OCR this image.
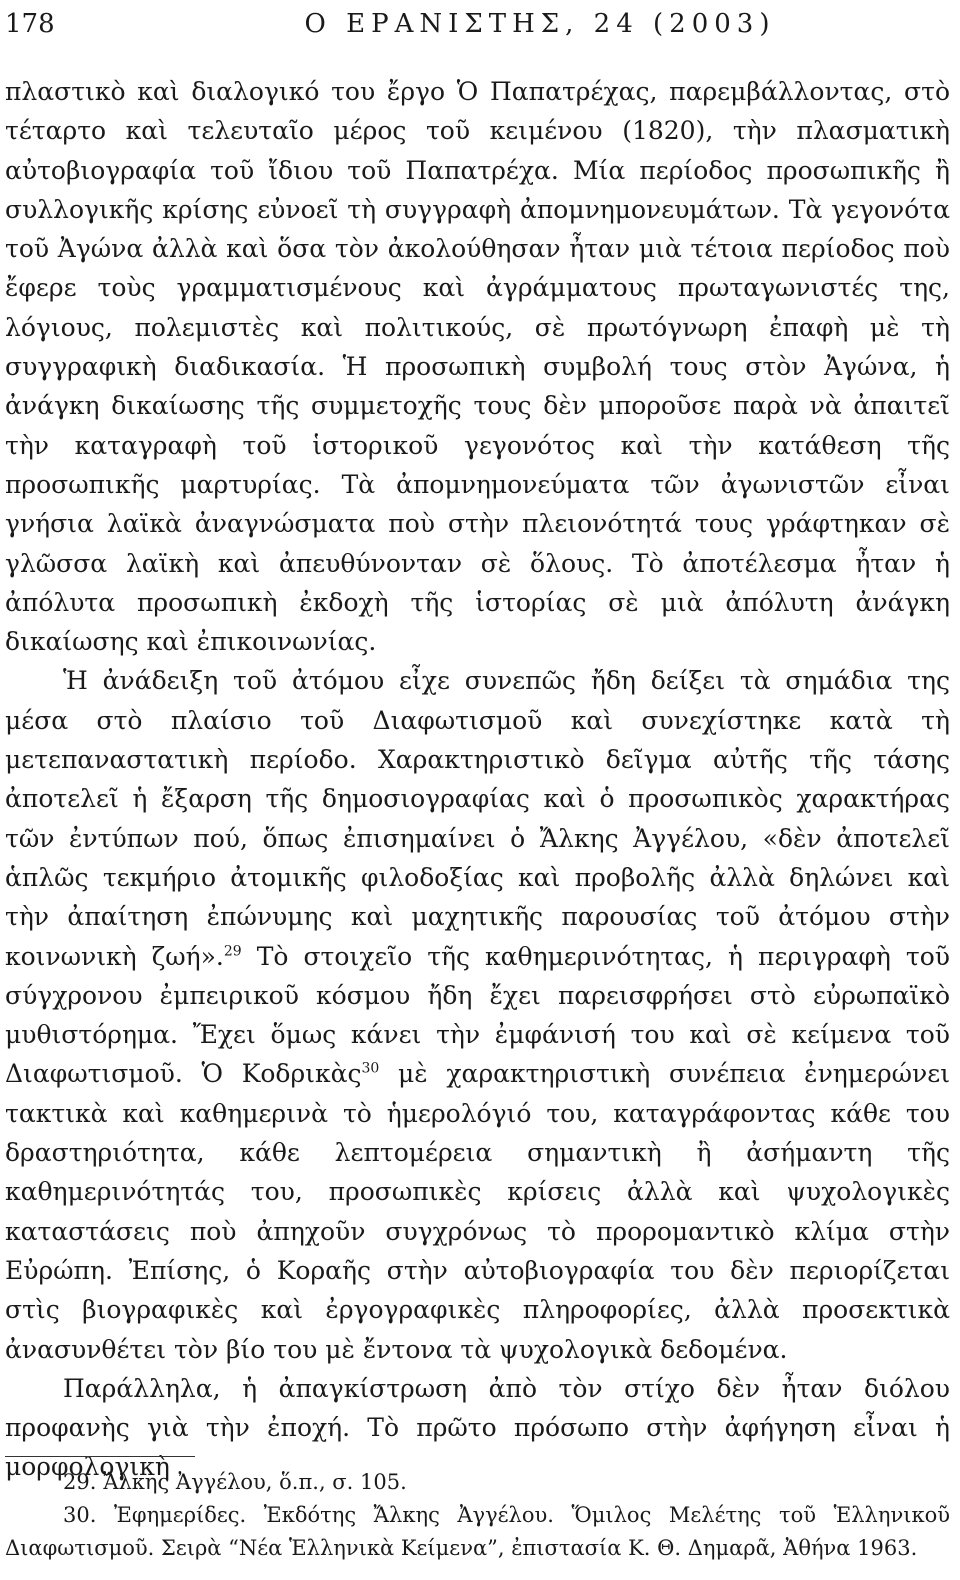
178	Ο ΕΡΑΝΙΣΤΗΣ, 24 (2003)

πλαστικὸ καὶ διαλογικό του ἔργο Ὁ Παπατρέχας, παρεμβάλλοντας, στὸ τέταρτο καὶ τελευταῖο μέρος τοῦ κειμένου (1820), τὴν πλασματικὴ αὐτοβιογραφία τοῦ ἴδιου τοῦ Παπατρέχα. Μία περίοδος προσωπικῆς ἢ συλλογικῆς κρίσης εὐνοεῖ τὴ συγγραφὴ ἀπομνημονευμάτων. Τὰ γεγονότα τοῦ Ἀγώνα ἀλλὰ καὶ ὅσα τὸν ἀκολούθησαν ἦταν μιὰ τέτοια περίοδος ποὺ ἔφερε τοὺς γραμματισμένους καὶ ἀγράμματους πρωταγωνιστές της, λόγιους, πολεμιστὲς καὶ πολιτικούς, σὲ πρωτόγνωρη ἐπαφὴ μὲ τὴ συγγραφικὴ διαδικασία. Ἡ προσωπικὴ συμβολή τους στὸν Ἀγώνα, ἡ ἀνάγκη δικαίωσης τῆς συμμετοχῆς τους δὲν μποροῦσε παρὰ νὰ ἀπαιτεῖ τὴν καταγραφὴ τοῦ ἱστορικοῦ γεγονότος καὶ τὴν κατάθεση τῆς προσωπικῆς μαρτυρίας. Τὰ ἀπομνημονεύματα τῶν ἀγωνιστῶν εἶναι γνήσια λαϊκὰ ἀναγνώσματα ποὺ στὴν πλειονότητά τους γράφτηκαν σὲ γλῶσσα λαϊκὴ καὶ ἀπευθύνονταν σὲ ὅλους. Τὸ ἀποτέλεσμα ἦταν ἡ ἀπόλυτα προσωπικὴ ἐκδοχὴ τῆς ἱστορίας σὲ μιὰ ἀπόλυτη ἀνάγκη δικαίωσης καὶ ἐπικοινωνίας.

Ἡ ἀνάδειξη τοῦ ἀτόμου εἶχε συνεπῶς ἤδη δείξει τὰ σημάδια της μέσα στὸ πλαίσιο τοῦ Διαφωτισμοῦ καὶ συνεχίστηκε κατὰ τὴ μετεπαναστατικὴ περίοδο. Χαρακτηριστικὸ δεῖγμα αὐτῆς τῆς τάσης ἀποτελεῖ ἡ ἔξαρση τῆς δημοσιογραφίας καὶ ὁ προσωπικὸς χαρακτήρας τῶν ἐντύπων πού, ὅπως ἐπισημαίνει ὁ Ἄλκης Ἀγγέλου, «δὲν ἀποτελεῖ ἁπλῶς τεκμήριο ἀτομικῆς φιλοδοξίας καὶ προβολῆς ἀλλὰ δηλώνει καὶ τὴν ἀπαίτηση ἐπώνυμης καὶ μαχητικῆς παρουσίας τοῦ ἀτόμου στὴν κοινωνικὴ ζωή».$^{29}$ Τὸ στοιχεῖο τῆς καθημερινότητας, ἡ περιγραφὴ τοῦ σύγχρονου ἐμπειρικοῦ κόσμου ἤδη ἔχει παρεισφρήσει στὸ εὐρωπαϊκὸ μυθιστόρημα. Ἔχει ὅμως κάνει τὴν ἐμφάνισή του καὶ σὲ κείμενα τοῦ Διαφωτισμοῦ. Ὁ Κοδρικὰς$^{30}$ μὲ χαρακτηριστικὴ συνέπεια ἐνημερώνει τακτικὰ καὶ καθημερινὰ τὸ ἡμερολόγιό του, καταγράφοντας κάθε του δραστηριότητα, κάθε λεπτομέρεια σημαντικὴ ἢ ἀσήμαντη τῆς καθημερινότητάς του, προσωπικὲς κρίσεις ἀλλὰ καὶ ψυχολογικὲς καταστάσεις ποὺ ἀπηχοῦν συγχρόνως τὸ προρομαντικὸ κλίμα στὴν Εὐρώπη. Ἐπίσης, ὁ Κοραῆς στὴν αὐτοβιογραφία του δὲν περιορίζεται στὶς βιογραφικὲς καὶ ἐργογραφικὲς πληροφορίες, ἀλλὰ προσεκτικὰ ἀνασυνθέτει τὸν βίο του μὲ ἔντονα τὰ ψυχολογικὰ δεδομένα.

Παράλληλα, ἡ ἀπαγκίστρωση ἀπὸ τὸν στίχο δὲν ἦταν διόλου προφανὴς γιὰ τὴν ἐποχή. Τὸ πρῶτο πρόσωπο στὴν ἀφήγηση εἶναι ἡ μορφολογικὴ

29. Ἄλκης Ἀγγέλου, ὅ.π., σ. 105.

30. Ἐφημερίδες. Ἐκδότης Ἄλκης Ἀγγέλου. Ὅμιλος Μελέτης τοῦ Ἑλληνικοῦ Διαφωτισμοῦ. Σειρὰ “Νέα Ἑλληνικὰ Κείμενα”, ἐπιστασία Κ. Θ. Δημαρᾶ, Ἀθήνα 1963.
